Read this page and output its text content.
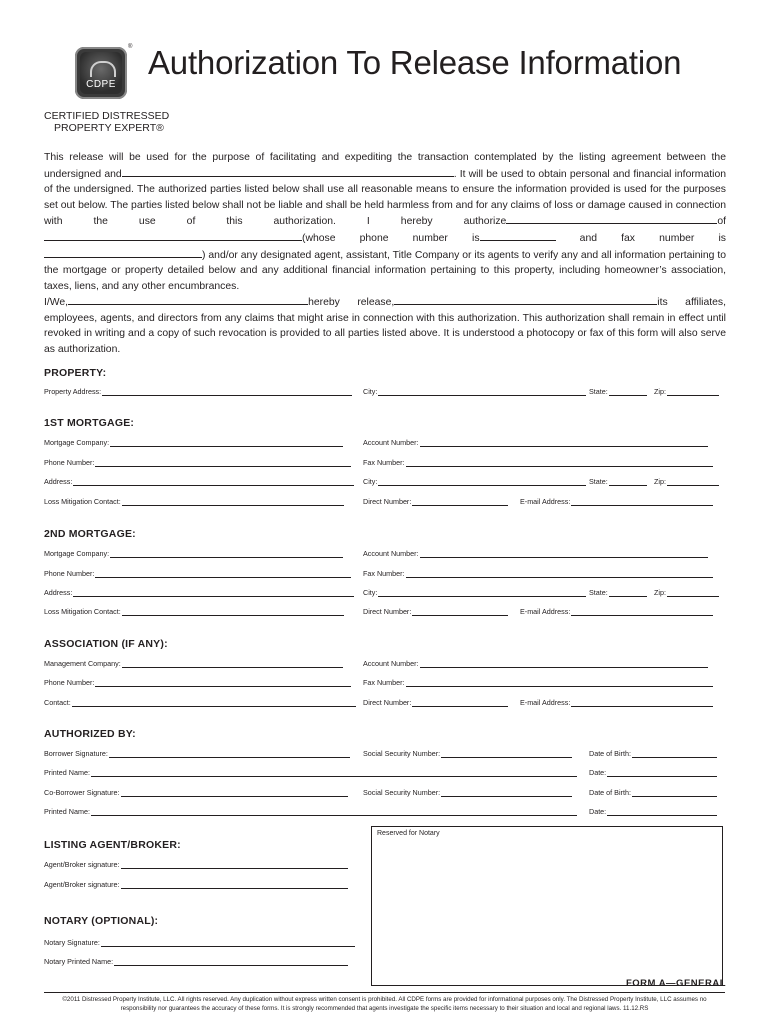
CDPE
® Authorization To Release Information
CERTIFIED DISTRESSED
PROPERTY EXPERT®

This release will be used for the purpose of facilitating and expediting the transaction contemplated by the listing agreement between the undersigned and	. It will be used to obtain personal and financial information of the undersigned. The authorized parties listed below shall use all reasonable means to ensure the information provided is used for the purposes set out below. The parties listed below shall not be liable and shall be held harmless from and for any claims of loss or damage caused in connection with the use of this authorization. I hereby authorize	of(whose phone number is	and fax number is) and/or any designated agent, assistant, Title Company or its agents to verify any and all information pertaining to the mortgage or property detailed below and any additional financial information pertaining to this property, including homeowner’s association, taxes, liens, and any other encumbrances.

I/We,	hereby release,	its affiliates, employees, agents, and directors from any claims that might arise in connection with this authorization. This authorization shall remain in effect until revoked in writing and a copy of such revocation is provided to all parties listed above. It is understood a photocopy or fax of this form will also serve as authorization.

PROPERTY:
Property Address:	City:	State:	Zip:
1ST MORTGAGE:
Mortgage Company:	Account Number:
Phone Number:	Fax Number:
Address:	City:	State:	Zip:
Loss Mitigation Contact:	Direct Number:	E-mail Address:
2ND MORTGAGE:
Mortgage Company:	Account Number:
Phone Number:	Fax Number:
Address:	City:	State:	Zip:
Loss Mitigation Contact:	Direct Number:	E-mail Address:
ASSOCIATION (IF ANY):
Management Company:	Account Number:
Phone Number:	Fax Number:
Contact:	Direct Number:	E-mail Address:
AUTHORIZED BY:
Borrower Signature:	Social Security Number:	Date of Birth:
Printed Name:	Date:
Co-Borrower Signature:	Social Security Number:	Date of Birth:
Printed Name:	Date:
Reserved for Notary
LISTING AGENT/BROKER:
Agent/Broker signature:
Agent/Broker signature:
NOTARY (OPTIONAL):
Notary Signature:
Notary Printed Name:
FORM A—GENERAL
©2011 Distressed Property Institute, LLC. All rights reserved. Any duplication without express written consent is prohibited. All CDPE forms are provided for informational purposes only. The Distressed Property Institute, LLC assumes no responsibility nor guarantees the accuracy of these forms. It is strongly recommended that agents investigate the specific items necessary to their situation and local and regional laws. 11.12.RS
